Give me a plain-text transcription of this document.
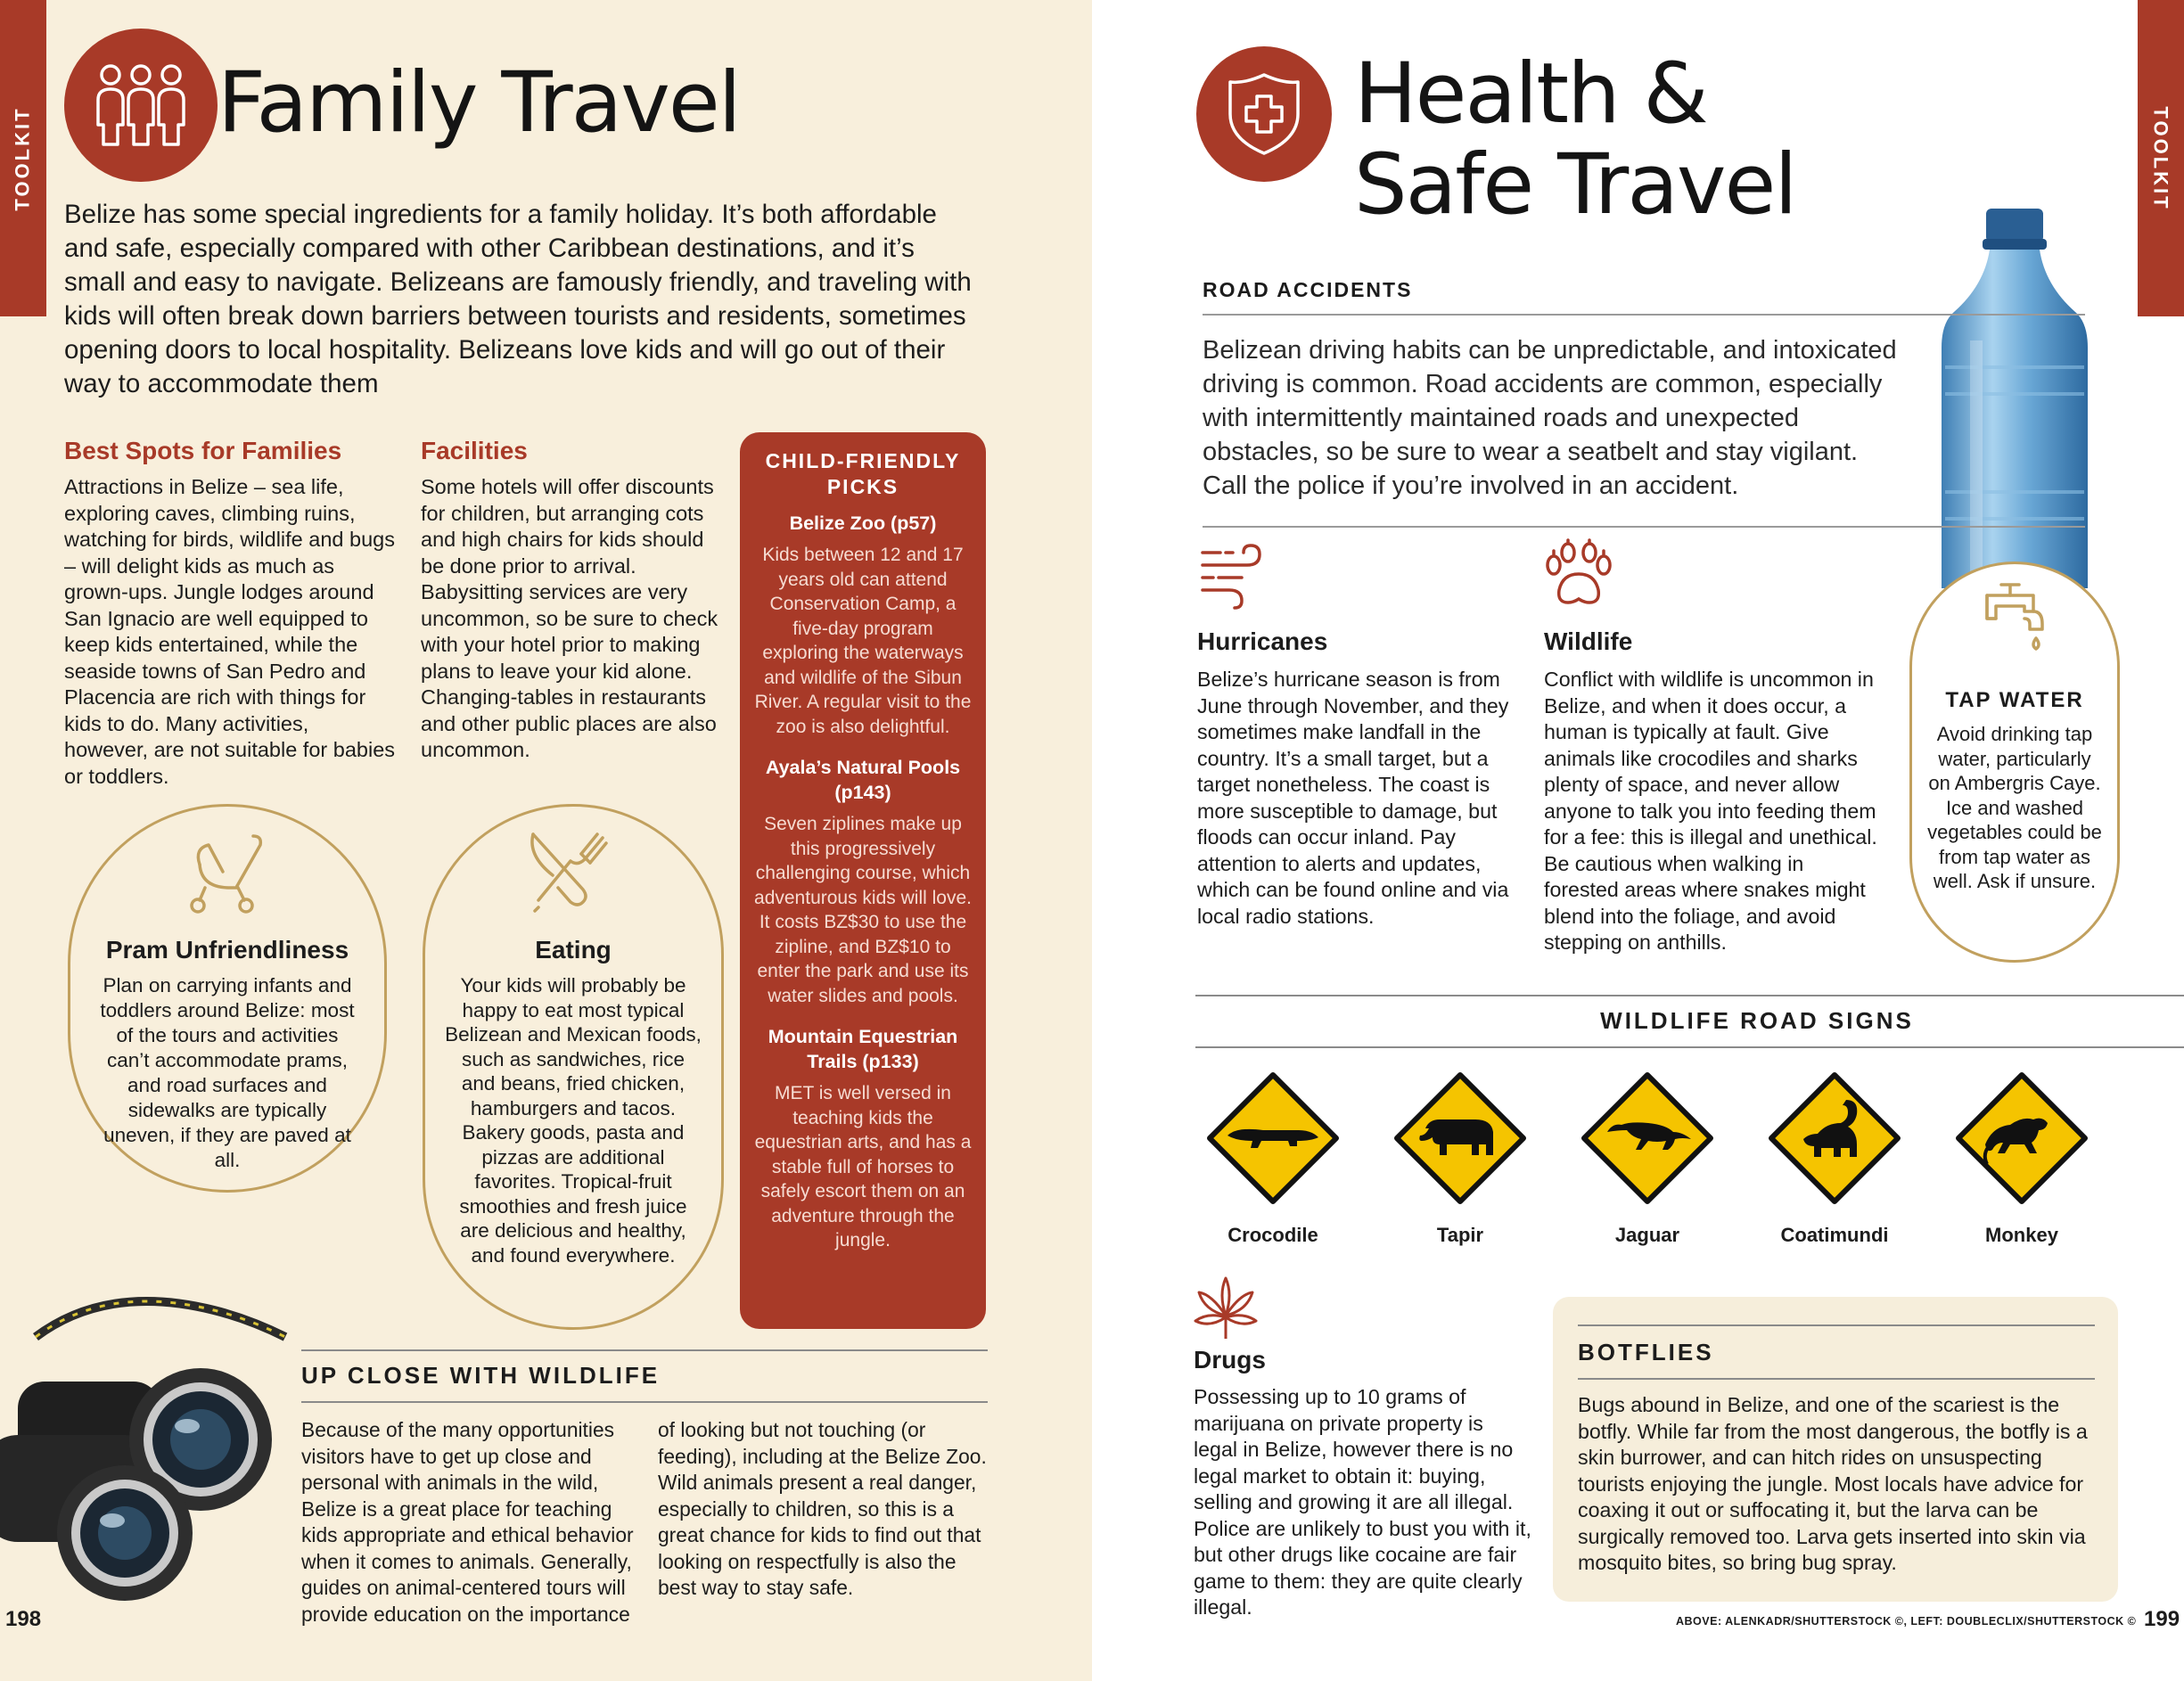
TOOLKIT
Family Travel

Belize has some special ingredients for a family holiday. It’s both affordable and safe, especially compared with other Caribbean destinations, and it’s small and easy to navigate. Belizeans are famously friendly, and traveling with kids will often break down barriers between tourists and residents, sometimes opening doors to local hospitality. Belizeans love kids and will go out of their way to accommodate them

Best Spots for Families

Attractions in Belize – sea life, exploring caves, climbing ruins, watching for birds, wildlife and bugs – will delight kids as much as grown-ups. Jungle lodges around San Ignacio are well equipped to keep kids entertained, while the seaside towns of San Pedro and Placencia are rich with things for kids to do. Many activities, however, are not suitable for babies or toddlers.

Facilities

Some hotels will offer discounts for children, but arranging cots and high chairs for kids should be done prior to arrival. Babysitting services are very uncommon, so be sure to check with your hotel prior to making plans to leave your kid alone. Changing-tables in restaurants and other public places are also uncommon.

Pram Unfriendliness

Plan on carrying infants and toddlers around Belize: most of the tours and activities can’t accommodate prams, and road surfaces and sidewalks are typically uneven, if they are paved at all.

Eating

Your kids will probably be happy to eat most typical Belizean and Mexican foods, such as sandwiches, rice and beans, fried chicken, hamburgers and tacos. Bakery goods, pasta and pizzas are additional favorites. Tropical-fruit smoothies and fresh juice are delicious and healthy, and found everywhere.

CHILD-FRIENDLY PICKS
Belize Zoo (p57)
Kids between 12 and 17 years old can attend Conservation Camp, a five-day program exploring the waterways and wildlife of the Sibun River. A regular visit to the zoo is also delightful.
Ayala’s Natural Pools (p143)
Seven ziplines make up this progressively challenging course, which adventurous kids will love. It costs BZ$30 to use the zipline, and BZ$10 to enter the park and use its water slides and pools.
Mountain Equestrian Trails (p133)
MET is well versed in teaching kids the equestrian arts, and has a stable full of horses to safely escort them on an adventure through the jungle.
UP CLOSE WITH WILDLIFE

Because of the many opportunities visitors have to get up close and personal with animals in the wild, Belize is a great place for teaching kids appropriate and ethical behavior when it comes to animals. Generally, guides on animal-centered tours will provide education on the importance

of looking but not touching (or feeding), including at the Belize Zoo. Wild animals present a real danger, especially to children, so this is a great chance for kids to find out that looking on respectfully is also the best way to stay safe.

198
TOOLKIT
Health &
Safe Travel
ROAD ACCIDENTS

Belizean driving habits can be unpredictable, and intoxicated driving is common. Road accidents are common, especially with intermittently maintained roads and unexpected obstacles, so be sure to wear a seatbelt and stay vigilant. Call the police if you’re involved in an accident.

Hurricanes

Belize’s hurricane season is from June through November, and they sometimes make landfall in the country. It’s a small target, but a target nonetheless. The coast is more susceptible to damage, but floods can occur inland. Pay attention to alerts and updates, which can be found online and via local radio stations.

Wildlife

Conflict with wildlife is uncommon in Belize, and when it does occur, a human is typically at fault. Give animals like crocodiles and sharks plenty of space, and never allow anyone to talk you into feeding them for a fee: this is illegal and unethical. Be cautious when walking in forested areas where snakes might blend into the foliage, and avoid stepping on anthills.

TAP WATER

Avoid drinking tap water, particularly on Ambergris Caye. Ice and washed vegetables could be from tap water as well. Ask if unsure.

WILDLIFE ROAD SIGNS
Crocodile	Tapir	Jaguar	Coatimundi	Monkey
Drugs

Possessing up to 10 grams of marijuana on private property is legal in Belize, however there is no legal market to obtain it: buying, selling and growing it are all illegal. Police are unlikely to bust you with it, but other drugs like cocaine are fair game to them: they are quite clearly illegal.

BOTFLIES

Bugs abound in Belize, and one of the scariest is the botfly. While far from the most dangerous, the botfly is a skin burrower, and can hitch rides on unsuspecting tourists enjoying the jungle. Most locals have advice for coaxing it out or suffocating it, but the larva can be surgically removed too. Larva gets inserted into skin via mosquito bites, so bring bug spray.

199
ABOVE: ALENKADR/SHUTTERSTOCK ©, LEFT: DOUBLECLIX/SHUTTERSTOCK ©
